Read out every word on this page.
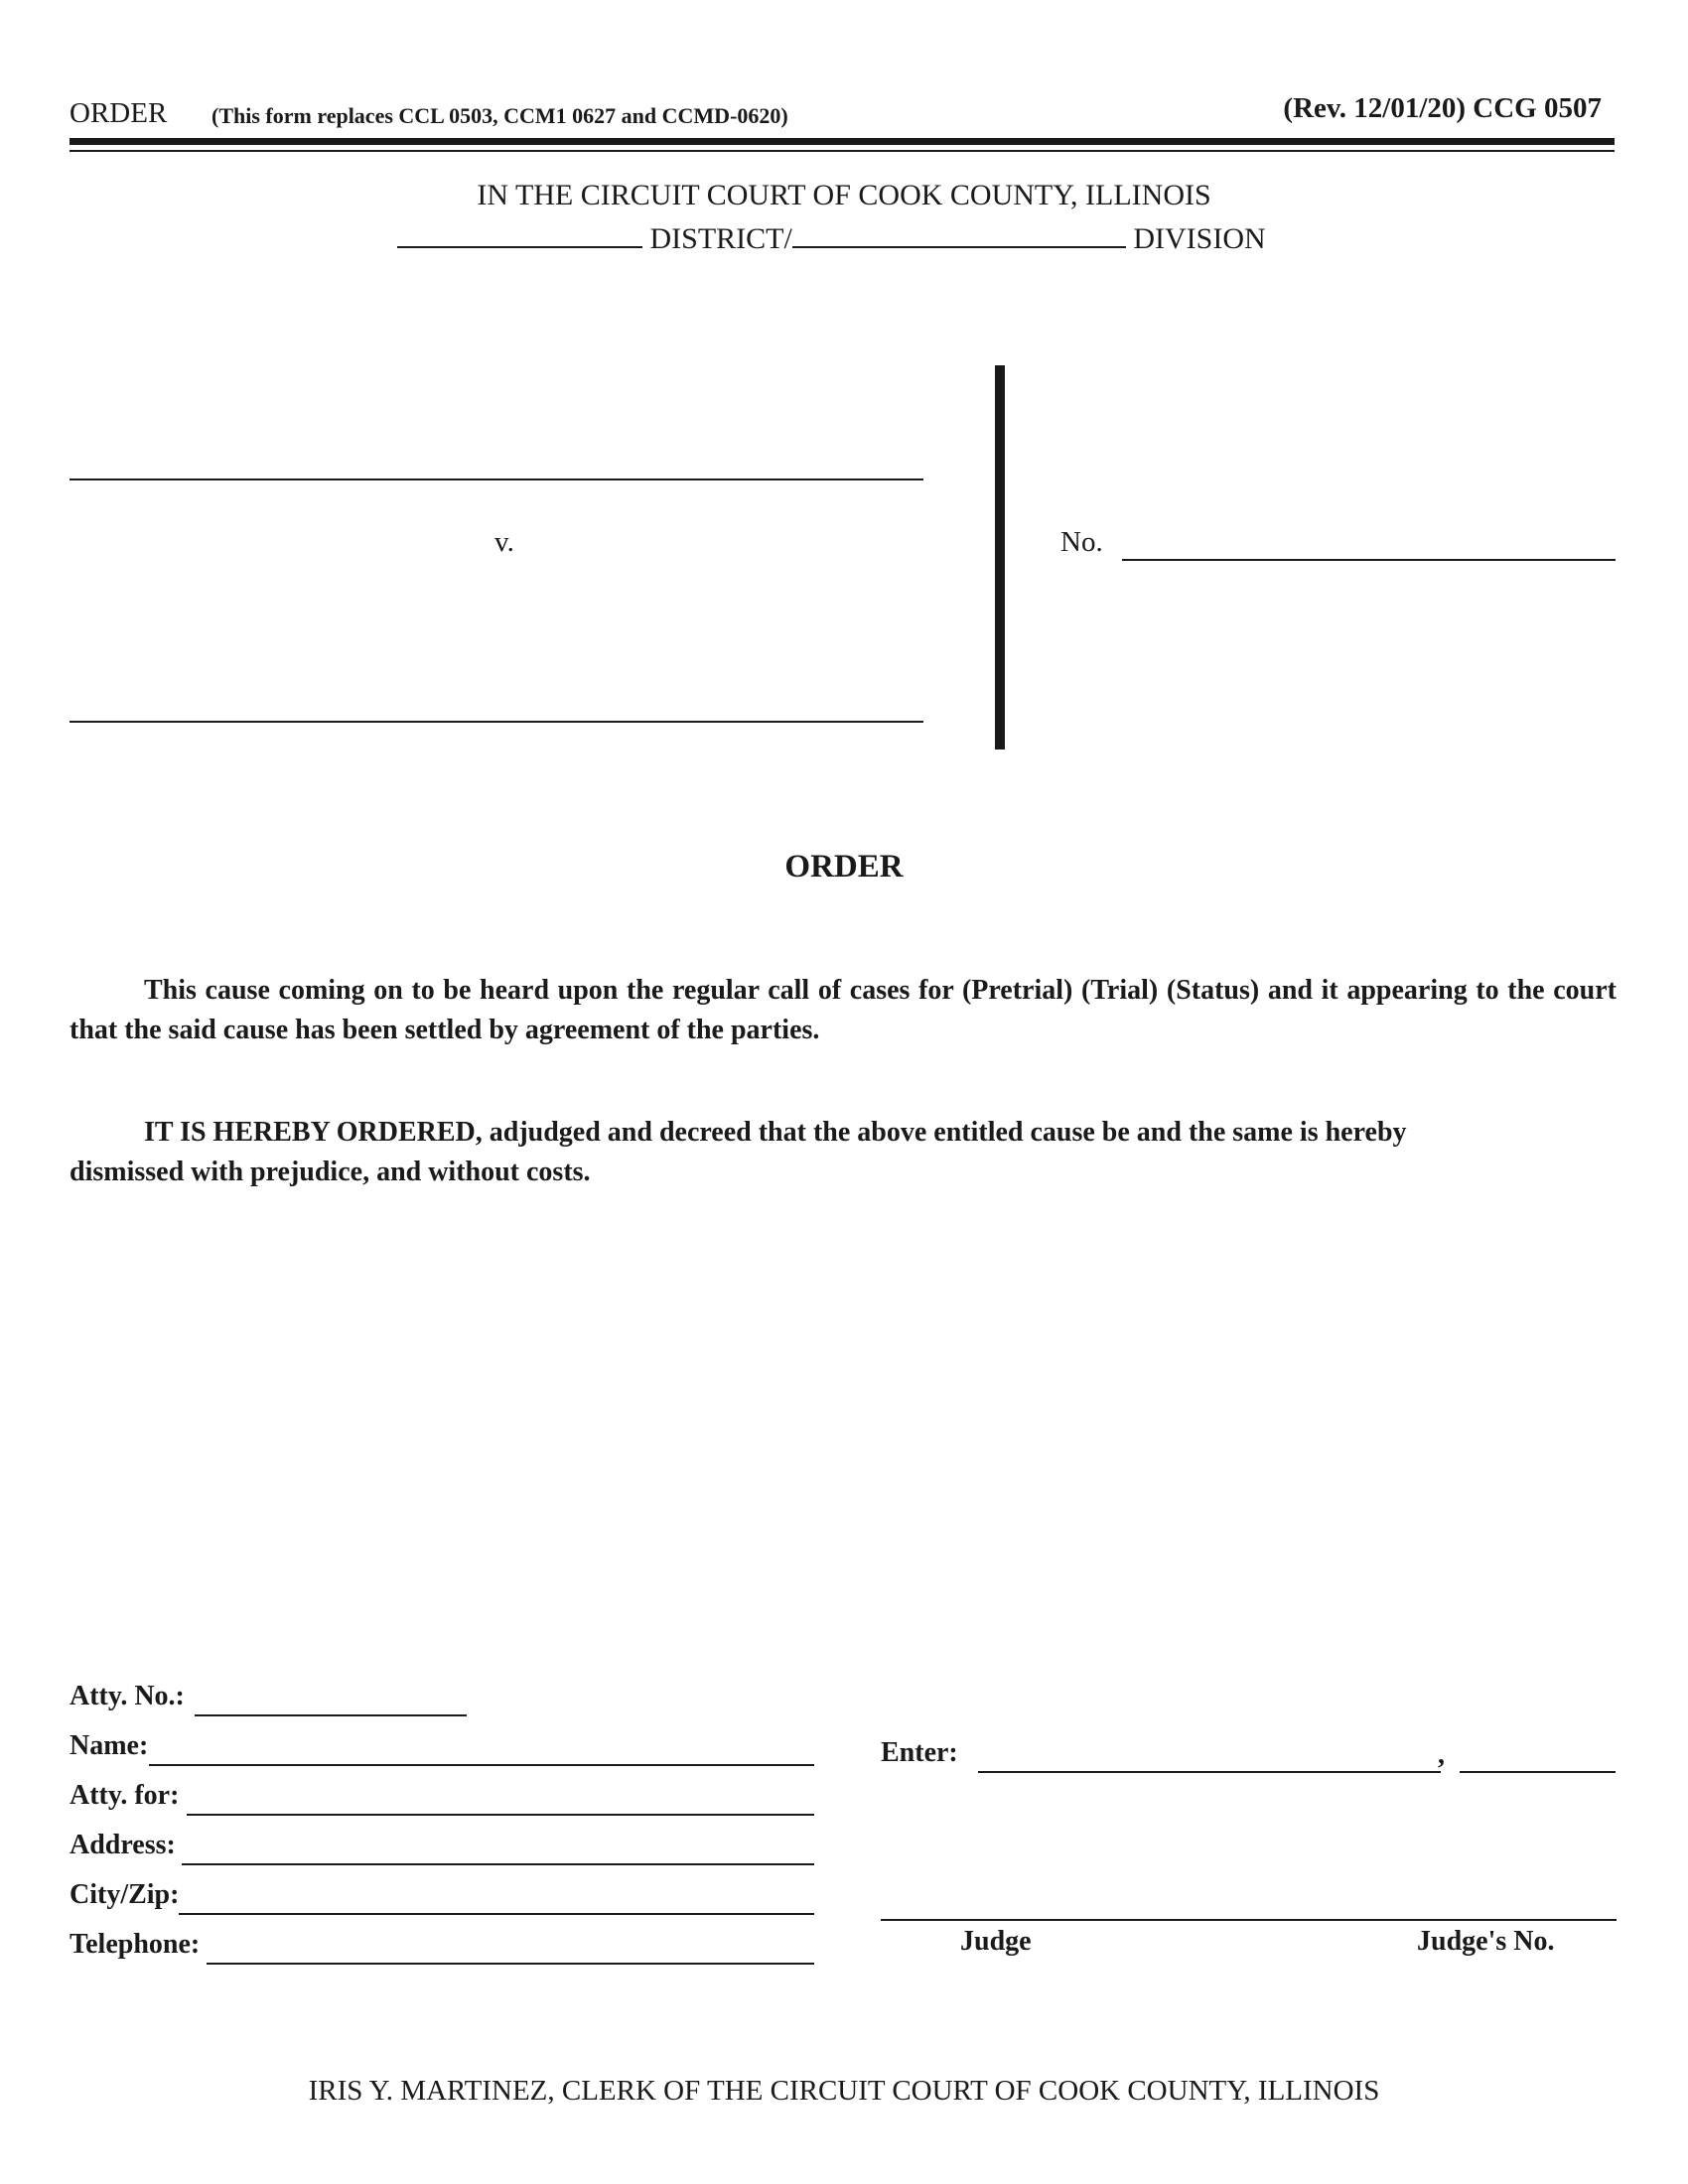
ORDER (This form replaces CCL 0503, CCM1 0627 and CCMD-0620)	(Rev. 12/01/20) CCG 0507
IN THE CIRCUIT COURT OF COOK COUNTY, ILLINOIS
DISTRICT/	DIVISION
v.	No.
ORDER
This cause coming on to be heard upon the regular call of cases for (Pretrial) (Trial) (Status) and it appearing to the court that the said cause has been settled by agreement of the parties.
IT IS HEREBY ORDERED, adjudged and decreed that the above entitled cause be and the same is hereby
dismissed with prejudice, and without costs.
Atty. No.:
Name:
Atty. for:
Address:
City/Zip:
Telephone:
Enter:	,
Judge	Judge's No.
IRIS Y. MARTINEZ, CLERK OF THE CIRCUIT COURT OF COOK COUNTY, ILLINOIS
